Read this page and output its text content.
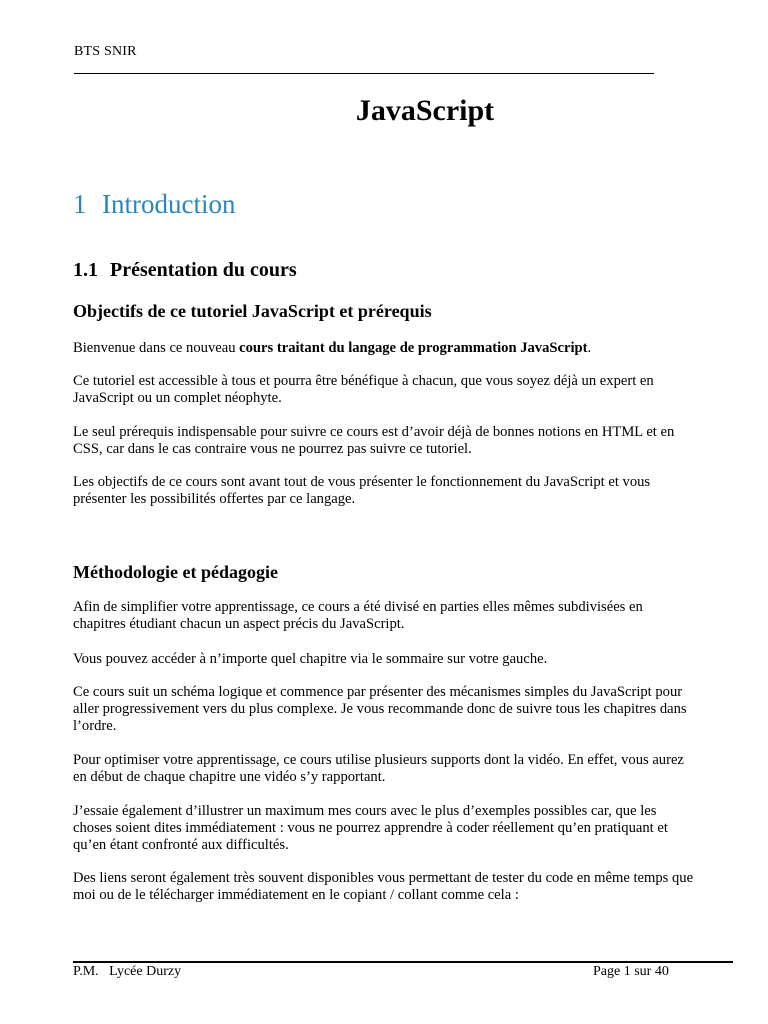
BTS SNIR
JavaScript
1 Introduction
1.1 Présentation du cours
Objectifs de ce tutoriel JavaScript et prérequis

Bienvenue dans ce nouveau cours traitant du langage de programmation JavaScript.

Ce tutoriel est accessible à tous et pourra être bénéfique à chacun, que vous soyez déjà un expert en
JavaScript ou un complet néophyte.

Le seul prérequis indispensable pour suivre ce cours est d’avoir déjà de bonnes notions en HTML et en
CSS, car dans le cas contraire vous ne pourrez pas suivre ce tutoriel.

Les objectifs de ce cours sont avant tout de vous présenter le fonctionnement du JavaScript et vous
présenter les possibilités offertes par ce langage.

Méthodologie et pédagogie

Afin de simplifier votre apprentissage, ce cours a été divisé en parties elles mêmes subdivisées en
chapitres étudiant chacun un aspect précis du JavaScript.

Vous pouvez accéder à n’importe quel chapitre via le sommaire sur votre gauche.

Ce cours suit un schéma logique et commence par présenter des mécanismes simples du JavaScript pour
aller progressivement vers du plus complexe. Je vous recommande donc de suivre tous les chapitres dans
l’ordre.

Pour optimiser votre apprentissage, ce cours utilise plusieurs supports dont la vidéo. En effet, vous aurez
en début de chaque chapitre une vidéo s’y rapportant.

J’essaie également d’illustrer un maximum mes cours avec le plus d’exemples possibles car, que les
choses soient dites immédiatement : vous ne pourrez apprendre à coder réellement qu’en pratiquant et
qu’en étant confronté aux difficultés.

Des liens seront également très souvent disponibles vous permettant de tester du code en même temps que
moi ou de le télécharger immédiatement en le copiant / collant comme cela :

P.M.   Lycée Durzy	Page 1 sur 40
